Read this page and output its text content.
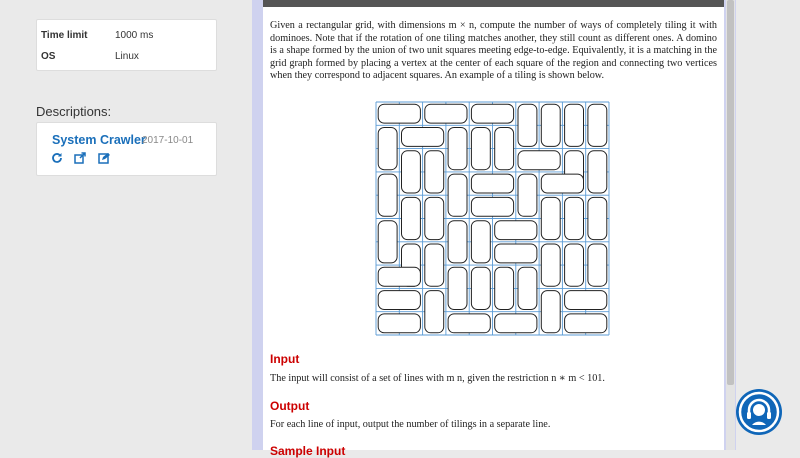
Time limit	1000 ms
OS	Linux
Descriptions:
System Crawler
2017-10-01

Given a rectangular grid, with dimensions m × n, compute the number of ways of completely tiling it with dominoes. Note that if the rotation of one tiling matches another, they still count as different ones. A domino is a shape formed by the union of two unit squares meeting edge-to-edge. Equivalently, it is a matching in the grid graph formed by placing a vertex at the center of each square of the region and connecting two vertices when they correspond to adjacent squares. An example of a tiling is shown below.
Input
The input will consist of a set of lines with m n, given the restriction n ∗ m < 101.
Output
For each line of input, output the number of tilings in a separate line.
Sample Input
